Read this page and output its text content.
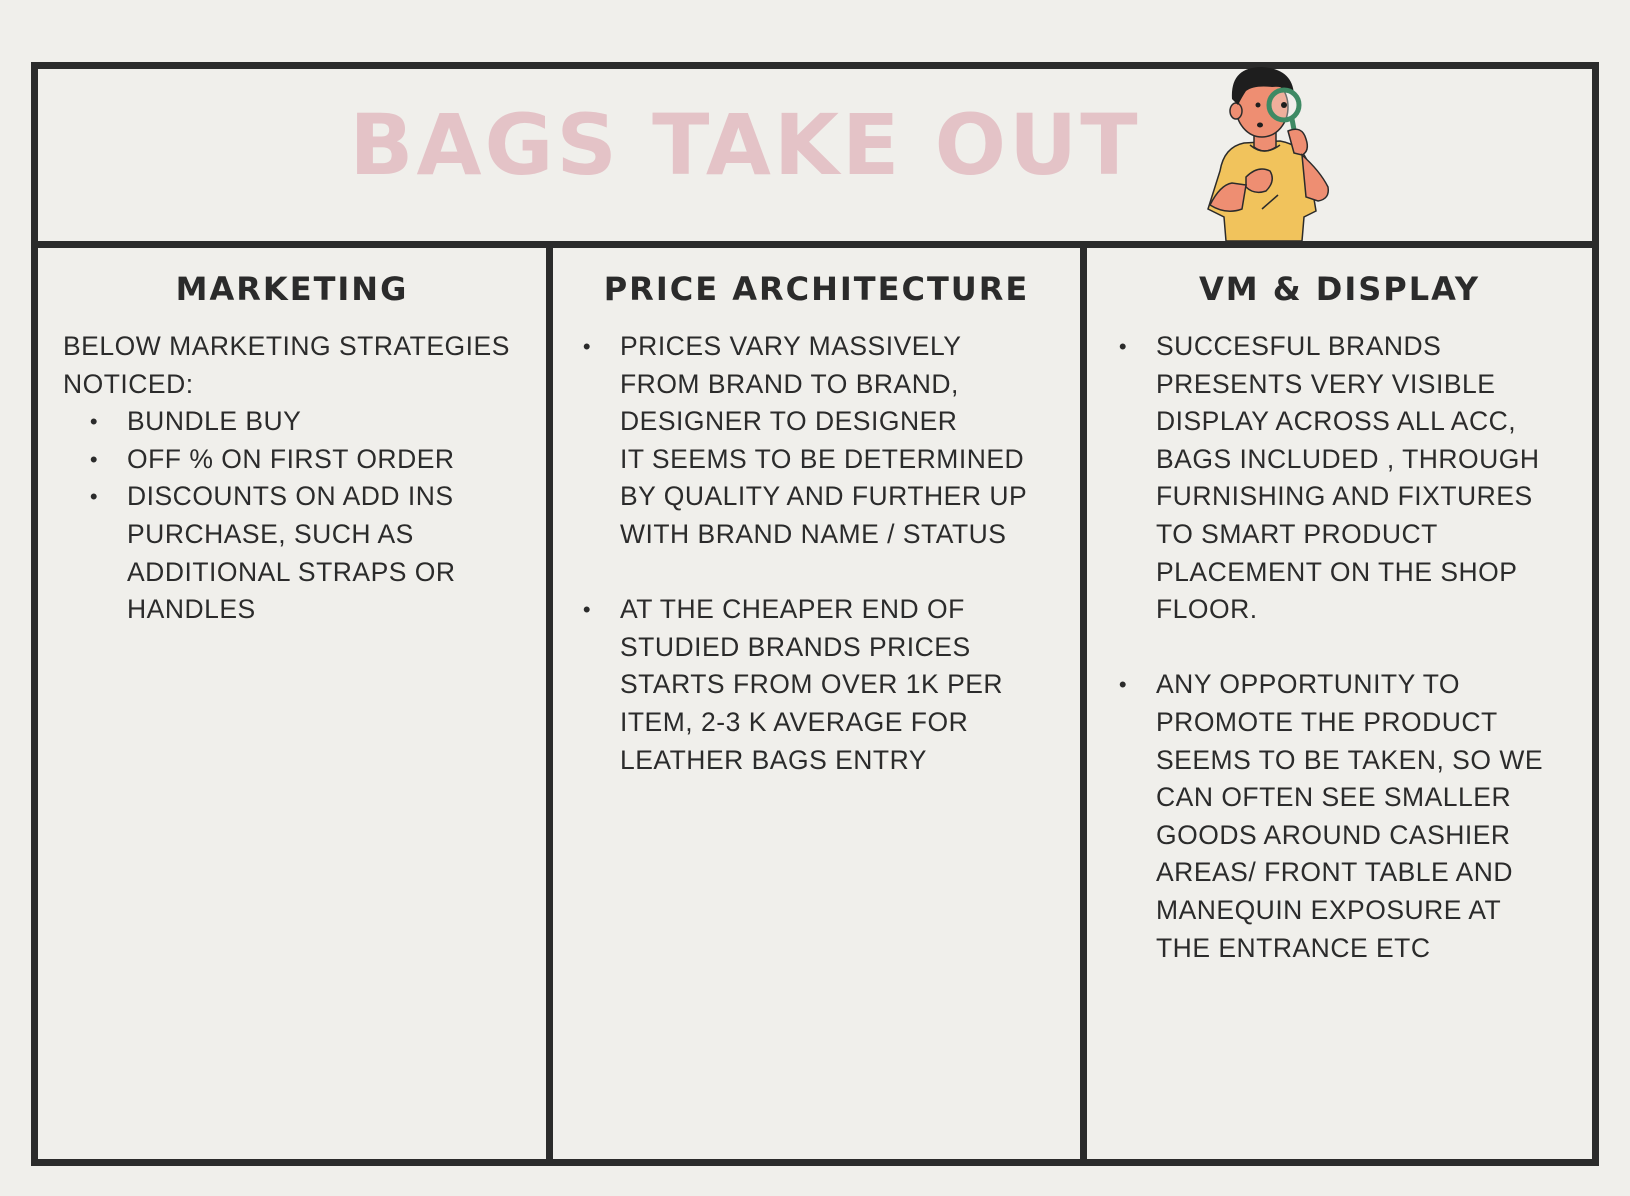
BAGS TAKE OUT
MARKETING
BELOW MARKETING STRATEGIES
NOTICED:
• BUNDLE BUY
• OFF % ON FIRST ORDER
• DISCOUNTS ON ADD INS
PURCHASE, SUCH AS
ADDITIONAL STRAPS OR
HANDLES
PRICE ARCHITECTURE
• PRICES VARY MASSIVELY
FROM BRAND TO BRAND,
DESIGNER TO DESIGNER
IT SEEMS TO BE DETERMINED
BY QUALITY AND FURTHER UP
WITH BRAND NAME / STATUS
• AT THE CHEAPER END OF
STUDIED BRANDS PRICES
STARTS FROM OVER 1K PER
ITEM, 2-3 K AVERAGE FOR
LEATHER BAGS ENTRY
VM & DISPLAY
• SUCCESFUL BRANDS
PRESENTS VERY VISIBLE
DISPLAY ACROSS ALL ACC,
BAGS INCLUDED , THROUGH
FURNISHING AND FIXTURES
TO SMART PRODUCT
PLACEMENT ON THE SHOP
FLOOR.
• ANY OPPORTUNITY TO
PROMOTE THE PRODUCT
SEEMS TO BE TAKEN, SO WE
CAN OFTEN SEE SMALLER
GOODS AROUND CASHIER
AREAS/ FRONT TABLE AND
MANEQUIN EXPOSURE AT
THE ENTRANCE ETC
